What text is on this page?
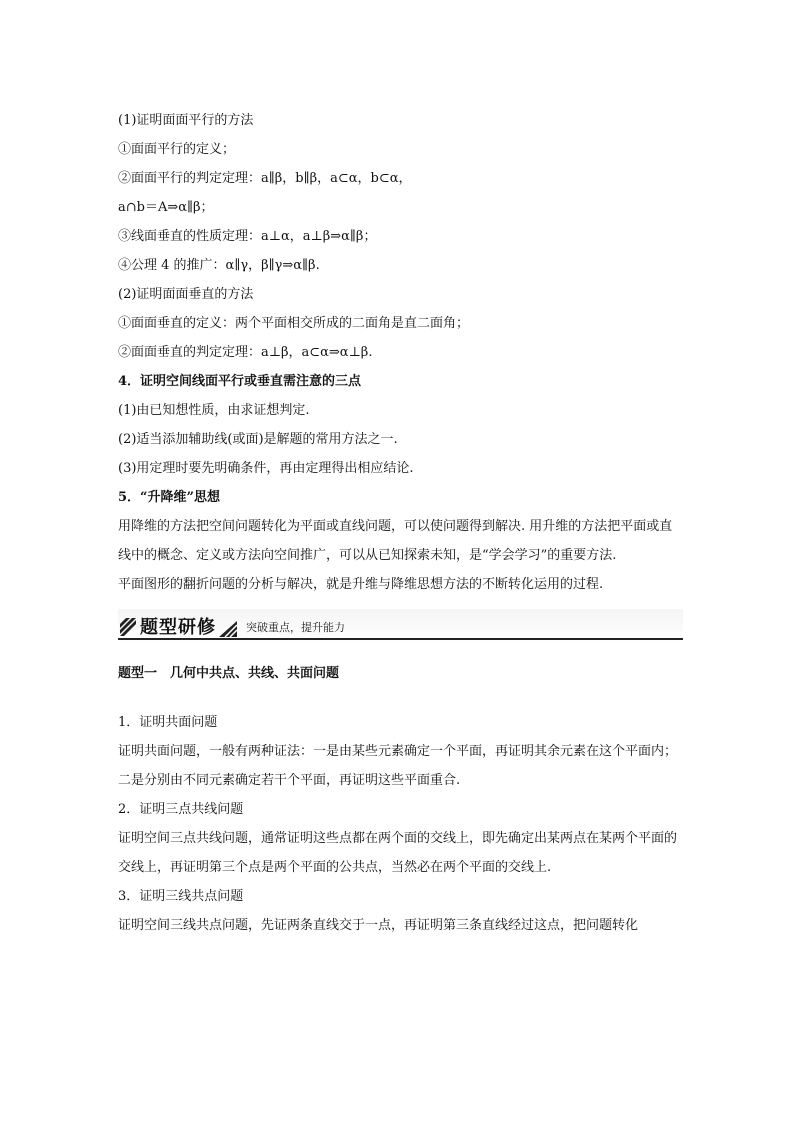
(1)证明面面平行的方法
①面面平行的定义；
②面面平行的判定定理：a∥β，b∥β，a⊂α，b⊂α，
a∩b＝A⇒α∥β；
③线面垂直的性质定理：a⊥α，a⊥β⇒α∥β；
④公理 4 的推广：α∥γ，β∥γ⇒α∥β.
(2)证明面面垂直的方法
①面面垂直的定义：两个平面相交所成的二面角是直二面角；
②面面垂直的判定定理：a⊥β，a⊂α⇒α⊥β.
4．证明空间线面平行或垂直需注意的三点
(1)由已知想性质，由求证想判定.
(2)适当添加辅助线(或面)是解题的常用方法之一.
(3)用定理时要先明确条件，再由定理得出相应结论.
5．“升降维”思想
用降维的方法把空间问题转化为平面或直线问题，可以使问题得到解决. 用升维的方法把平面或直线中的概念、定义或方法向空间推广，可以从已知探索未知，是“学会学习”的重要方法.
平面图形的翻折问题的分析与解决，就是升维与降维思想方法的不断转化运用的过程.
题型研修	突破重点，提升能力
题型一　几何中共点、共线、共面问题
1．证明共面问题
证明共面问题，一般有两种证法：一是由某些元素确定一个平面，再证明其余元素在这个平面内；二是分别由不同元素确定若干个平面，再证明这些平面重合.
2．证明三点共线问题
证明空间三点共线问题，通常证明这些点都在两个面的交线上，即先确定出某两点在某两个平面的交线上，再证明第三个点是两个平面的公共点，当然必在两个平面的交线上.
3．证明三线共点问题
证明空间三线共点问题，先证两条直线交于一点，再证明第三条直线经过这点，把问题转化
